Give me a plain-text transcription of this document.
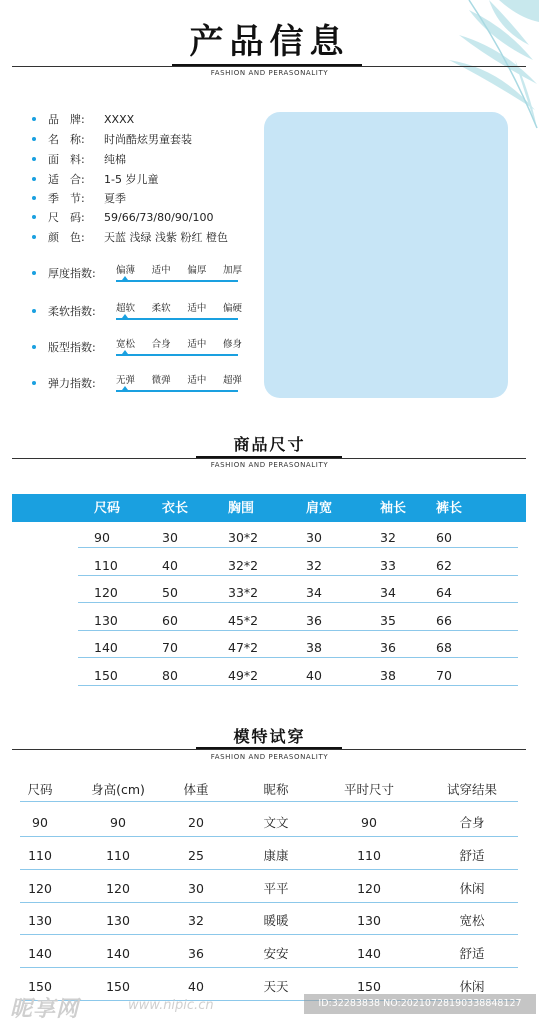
产品信息
FASHION AND PERASONALITY
品　牌:	XXXX
名　称:	时尚酷炫男童套装
面　料:	纯棉
适　合:	1-5 岁儿童
季　节:	夏季
尺　码:	59/66/73/80/90/100
颜　色:	天蓝 浅绿 浅紫 粉红 橙色
厚度指数: 偏薄 适中 偏厚 加厚
柔软指数: 超软 柔软 适中 偏硬
版型指数: 宽松 合身 适中 修身
弹力指数: 无弹 微弹 适中 超弹
商品尺寸
FASHION AND PERASONALITY
尺码	衣长	胸围	肩宽	袖长 裤长
90	30	30*2	30	32	60
110	40	32*2	32	33	62
120	50	33*2	34	34	64
130	60	45*2	36	35	66
140	70	47*2	38	36	68
150	80	49*2	40	38	70
模特试穿
FASHION AND PERASONALITY
尺码	身高(cm)	体重	昵称	平时尺寸	试穿结果
90	90	20	文文	90	合身
110	110	25	康康	110	舒适
120	120	30	平平	120	休闲
130	130	32	暖暖	130	宽松
140	140	36	安安	140	舒适
150	150	40	天天	150	休闲
昵享网	www.nipic.cn	ID:32283838 NO:20210728190338848127
